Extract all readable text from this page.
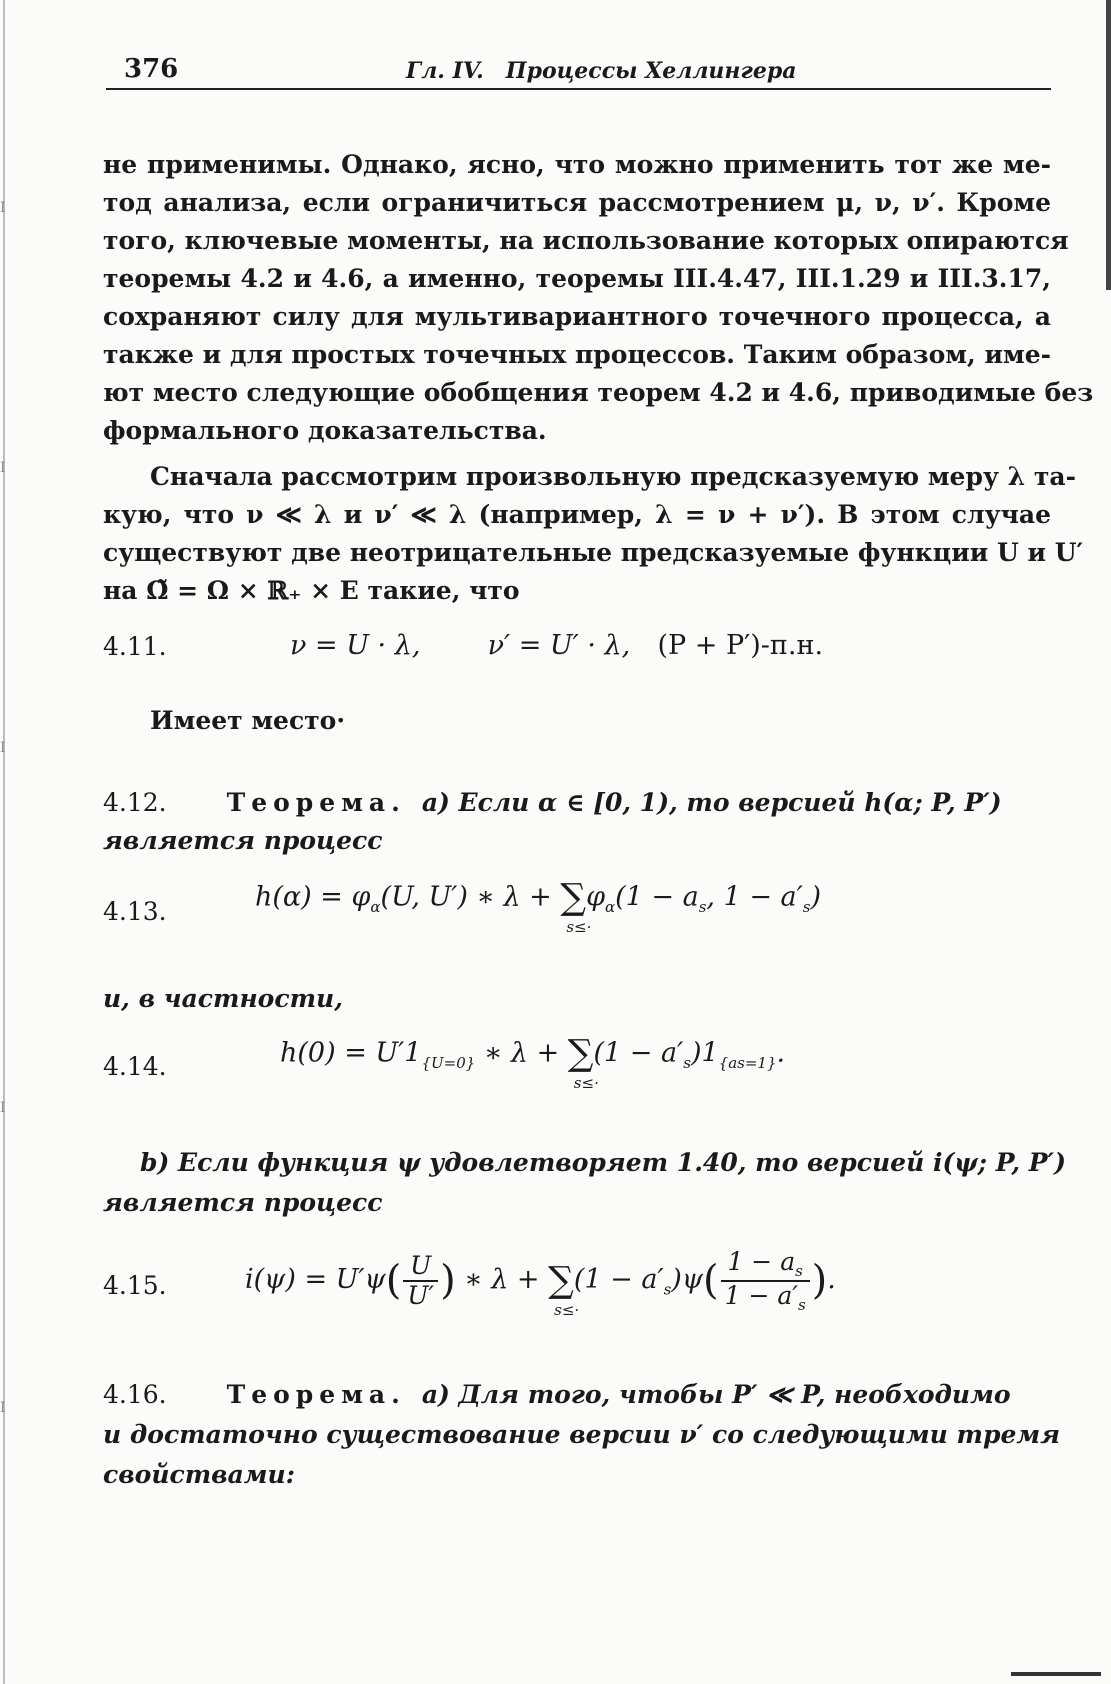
376	Гл. IV. Процессы Хеллингера
не применимы. Однако, ясно, что можно применить тот же ме-
тод анализа, если ограничиться рассмотрением μ, ν, ν′. Кроме
того, ключевые моменты, на использование которых опираются
теоремы 4.2 и 4.6, а именно, теоремы III.4.47, III.1.29 и III.3.17,
сохраняют силу для мультивариантного точечного процесса, а
также и для простых точечных процессов. Таким образом, име-
ют место следующие обобщения теорем 4.2 и 4.6, приводимые без
формального доказательства.
Сначала рассмотрим произвольную предсказуемую меру λ та-
кую, что ν ≪ λ и ν′ ≪ λ (например, λ = ν + ν′). В этом случае
существуют две неотрицательные предсказуемые функции U и U′
на Ω̃ = Ω × ℝ₊ × E такие, что
4.11.	ν = U · λ, ν′ = U′ · λ, (P + P′)-п.н.
Имеет место·
4.12. Теорема. a) Если α ∈ [0, 1), то версией h(α; P, P′)
является процесс
4.13.	$h(\alpha) = \varphi_\alpha(U$, U′) ∗ λ + ∑
s≤·
$\varphi_\alpha(1 - a_s$, $1 - a'_s$)
и, в частности,
4.14.	$h(0) = U'1_{\{U=0\}}$ ∗ λ + ∑
s≤·
$(1 - a'_s)1_{\{as=1\}}$.
b) Если функция ψ удовлетворяет 1.40, то версией i(ψ; P, P′)
является процесс
4.15.	$i(\psi) = U'\psi( \frac{U}{U'}$ ) ∗ λ + ∑
s≤·
$(1 - a'_s)\psi( \frac{1 - a_s}{1 - a'_s}$ ).
4.16. Теорема. a) Для того, чтобы P′ ≪ P, необходимо
и достаточно существование версии ν′ со следующими тремя
свойствами:
I
I
I
I
I
